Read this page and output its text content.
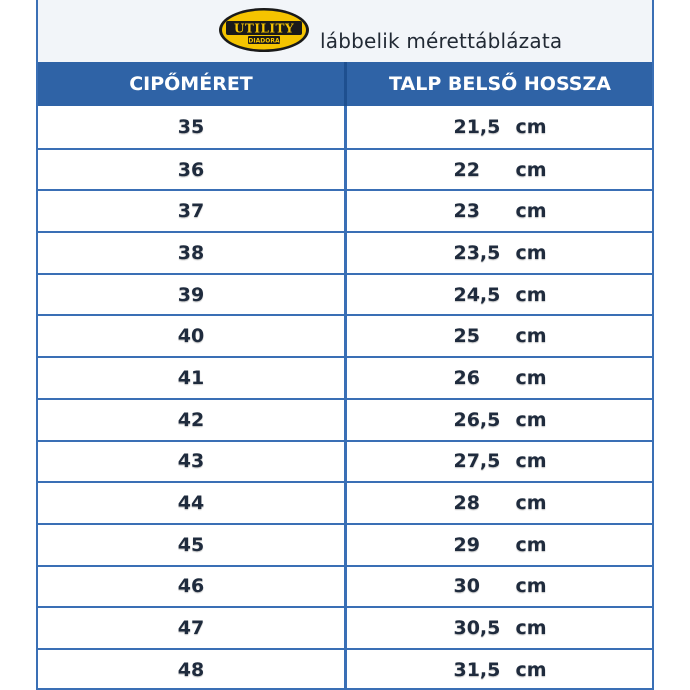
UTILITY
DIADORA lábbelik mérettáblázata
CIPŐMÉRET	TALP BELSŐ HOSSZA
35	21,5 cm
36	22	cm
37	23	cm
38	23,5 cm
39	24,5 cm
40	25	cm
41	26	cm
42	26,5 cm
43	27,5 cm
44	28	cm
45	29	cm
46	30	cm
47	30,5 cm
48	31,5 cm
